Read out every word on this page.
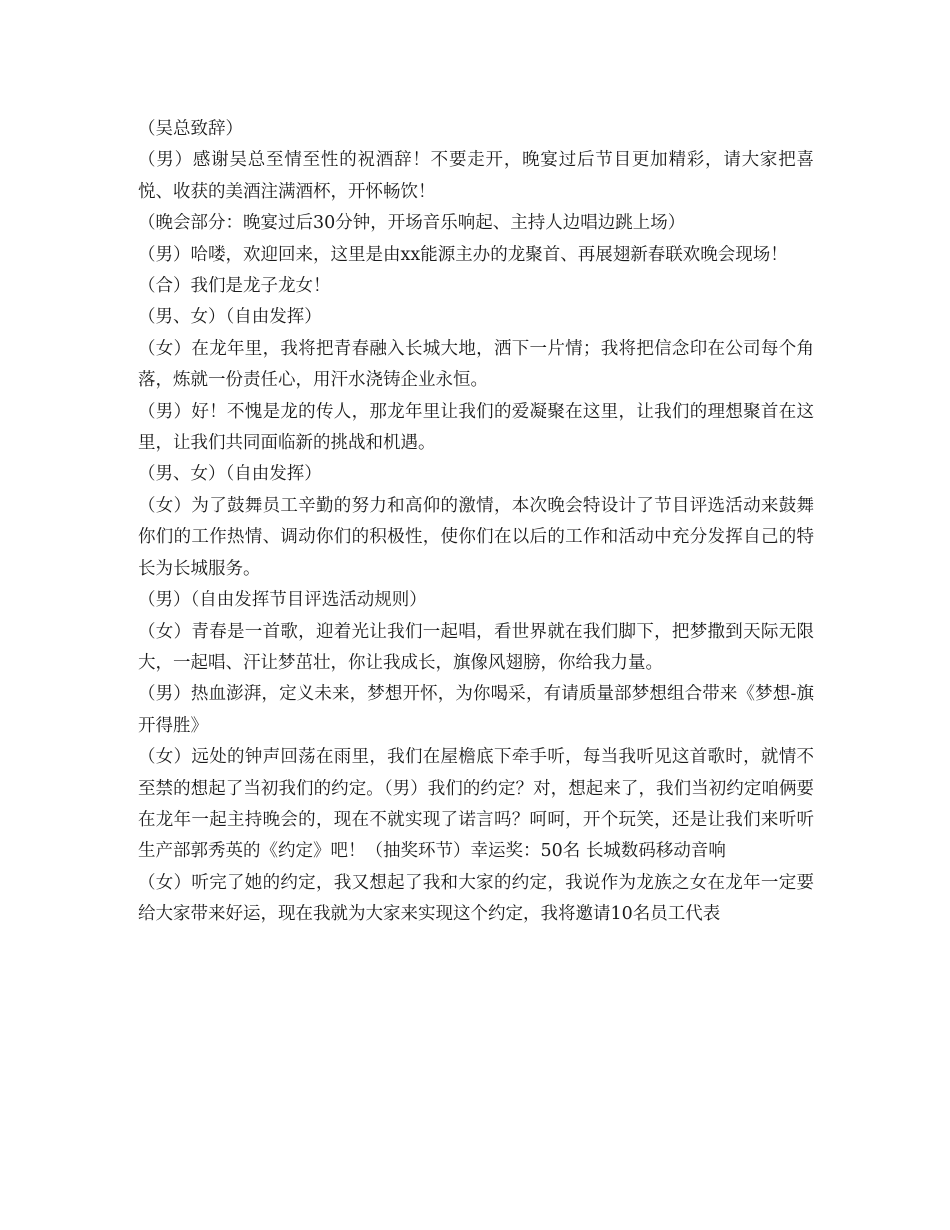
（吴总致辞）

（男）感谢吴总至情至性的祝酒辞！不要走开，晚宴过后节目更加精彩，请大家把喜悦、收获的美酒注满酒杯，开怀畅饮！

（晚会部分：晚宴过后30分钟，开场音乐响起、主持人边唱边跳上场）

（男）哈喽，欢迎回来，这里是由xx能源主办的龙聚首、再展翅新春联欢晚会现场！

（合）我们是龙子龙女！

（男、女）（自由发挥）

（女）在龙年里，我将把青春融入长城大地，洒下一片情；我将把信念印在公司每个角落，炼就一份责任心，用汗水浇铸企业永恒。

（男）好！不愧是龙的传人，那龙年里让我们的爱凝聚在这里，让我们的理想聚首在这里，让我们共同面临新的挑战和机遇。

（男、女）（自由发挥）

（女）为了鼓舞员工辛勤的努力和高仰的激情，本次晚会特设计了节目评选活动来鼓舞你们的工作热情、调动你们的积极性，使你们在以后的工作和活动中充分发挥自己的特长为长城服务。

（男）（自由发挥节目评选活动规则）

（女）青春是一首歌，迎着光让我们一起唱，看世界就在我们脚下，把梦撒到天际无限大，一起唱、汗让梦茁壮，你让我成长，旗像风翅膀，你给我力量。

（男）热血澎湃，定义未来，梦想开怀，为你喝采，有请质量部梦想组合带来《梦想-旗开得胜》

（女）远处的钟声回荡在雨里，我们在屋檐底下牵手听，每当我听见这首歌时，就情不至禁的想起了当初我们的约定。（男）我们的约定？对，想起来了，我们当初约定咱俩要在龙年一起主持晚会的，现在不就实现了诺言吗？呵呵，开个玩笑，还是让我们来听听生产部郭秀英的《约定》吧！（抽奖环节）幸运奖：50名 长城数码移动音响

（女）听完了她的约定，我又想起了我和大家的约定，我说作为龙族之女在龙年一定要给大家带来好运，现在我就为大家来实现这个约定，我将邀请10名员工代表
